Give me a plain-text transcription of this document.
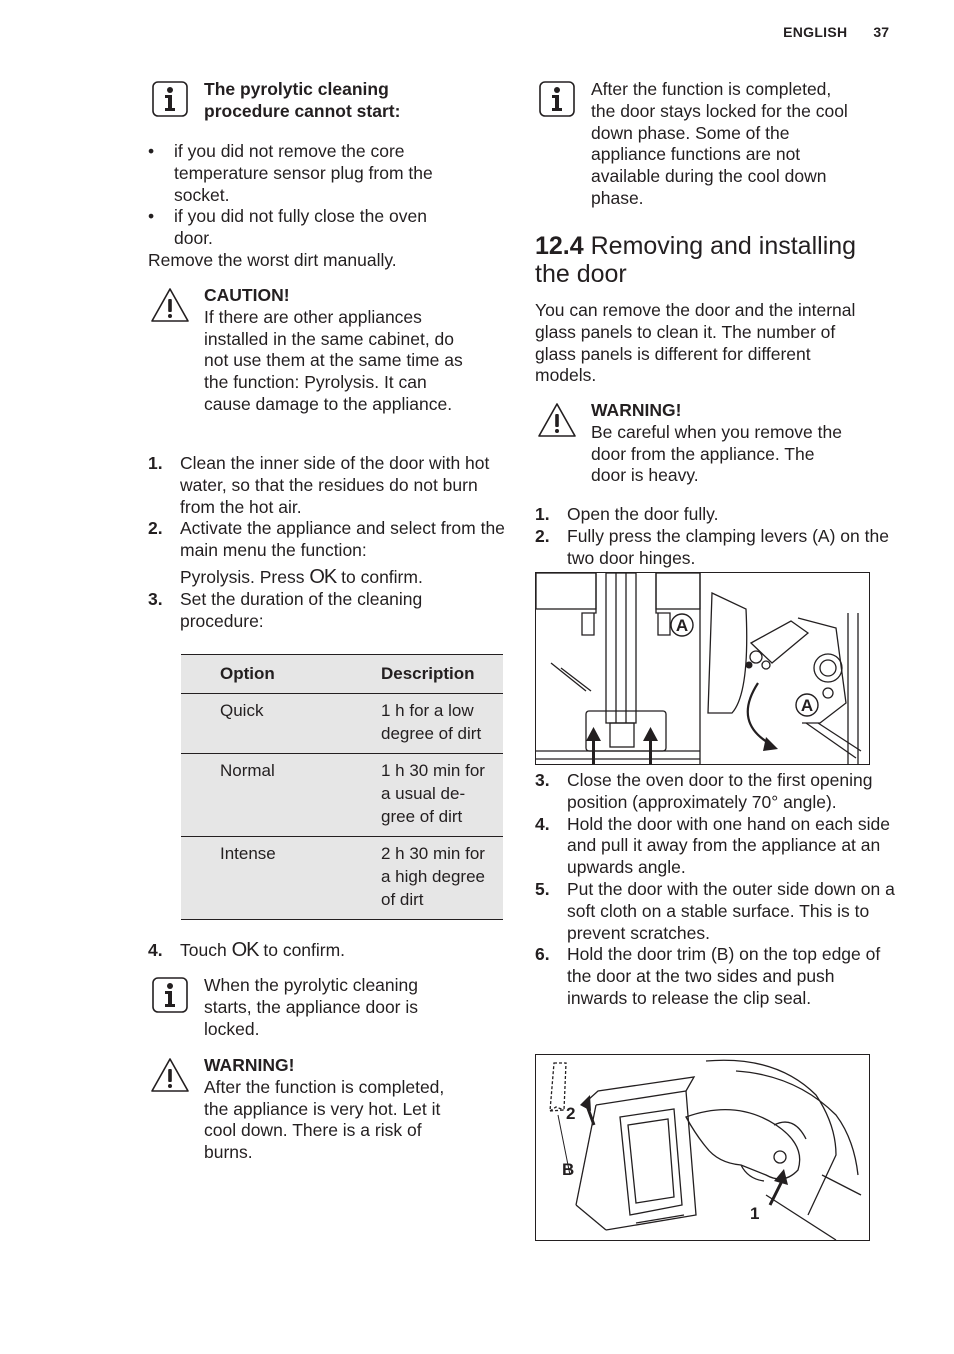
ENGLISH 37
The pyrolytic cleaning procedure cannot start:
• if you did not remove the core temperature sensor plug from the socket.
• if you did not fully close the oven door.
Remove the worst dirt manually.
CAUTION!
If there are other appliances installed in the same cabinet, do not use them at the same time as the function: Pyrolysis. It can cause damage to the appliance.
1. Clean the inner side of the door with hot water, so that the residues do not burn from the hot air.
2. Activate the appliance and select from the main menu the function:
Pyrolysis. Press OK to confirm.
3. Set the duration of the cleaning procedure:
Option	Description
Quick	1 h for a low
degree of dirt

Normal	1 h 30 min for
a usual de-
gree of dirt

Intense	2 h 30 min for
a high degree
of dirt
4. Touch OK to confirm.
When the pyrolytic cleaning starts, the appliance door is locked.
WARNING!
After the function is completed, the appliance is very hot. Let it cool down. There is a risk of burns.
After the function is completed, the door stays locked for the cool down phase. Some of the appliance functions are not available during the cool down phase.
12.4 Removing and installing the door
You can remove the door and the internal glass panels to clean it. The number of glass panels is different for different models.
WARNING!
Be careful when you remove the door from the appliance. The door is heavy.
1. Open the door fully.
2. Fully press the clamping levers (A) on the two door hinges.
A
A
3. Close the oven door to the first opening position (approximately 70° angle).
4. Hold the door with one hand on each side and pull it away from the appliance at an upwards angle.
5. Put the door with the outer side down on a soft cloth on a stable surface. This is to prevent scratches.
6. Hold the door trim (B) on the top edge of the door at the two sides and push inwards to release the clip seal.
2
B
1
